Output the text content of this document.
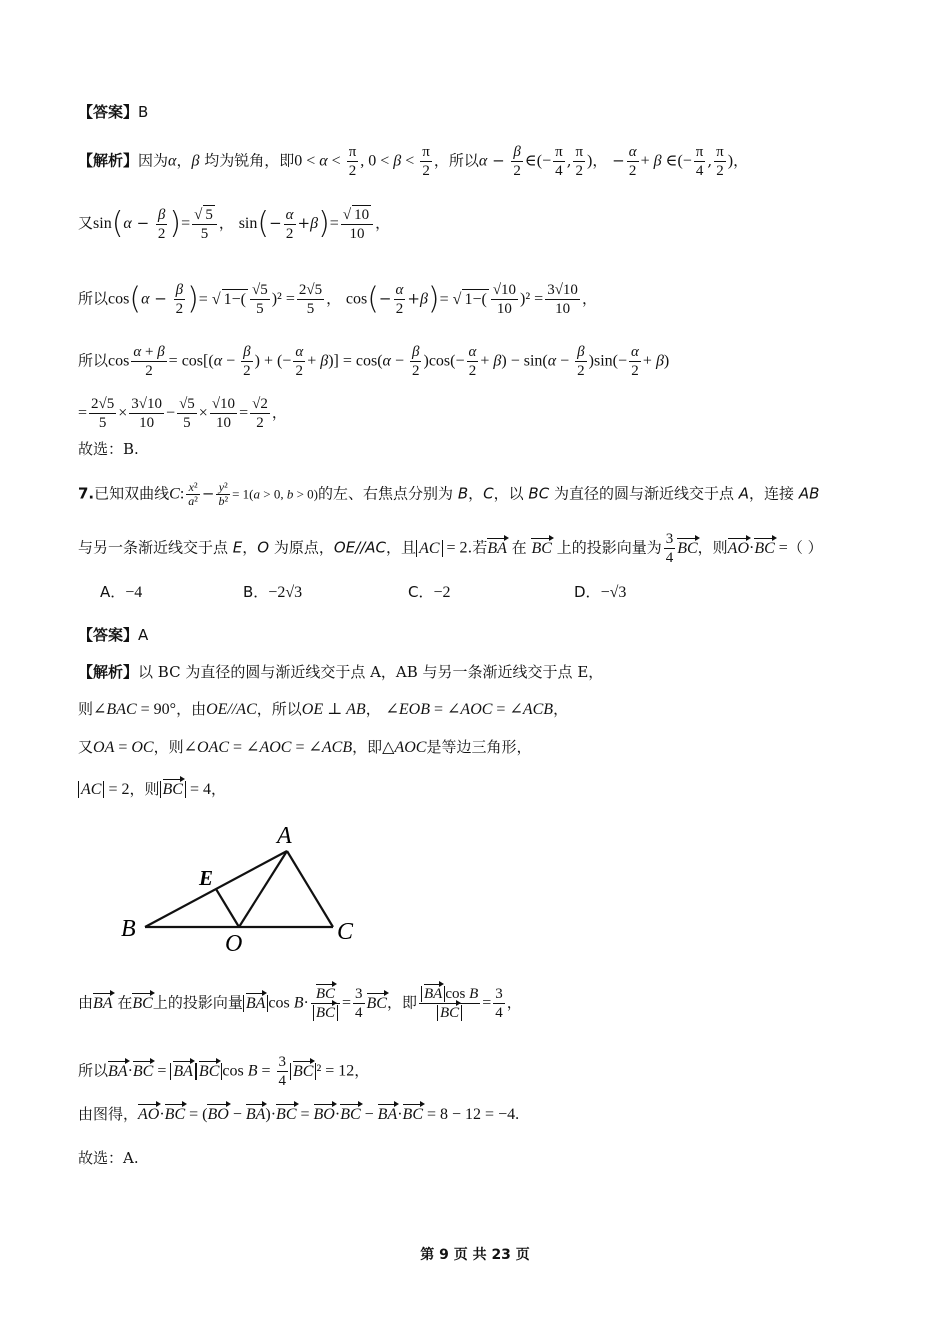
【答案】B
【解析】因为α，β 均为锐角，即$0 < \alpha < \frac{\pi}{2}$ , $0 < \beta < \frac{\pi}{2}$ ，所以$\alpha - \frac{\beta}{2}$ ∈(− $\frac{\pi}{4}$ , $\frac{\pi}{2}$ )， − $\frac{\alpha}{2} + \beta$ ∈(− $\frac{\pi}{4}$ , $\frac{\pi}{2}$ )，
又$\sin(\alpha - \frac{\beta}{2}$ )= $\frac{√ 5}{5}$ ， $\sin(- \frac{\alpha}{2} +\beta)= \frac{√ 10}{10}$ ，
所以$\cos(\alpha - \frac{\beta}{2}$ )= √ $1-( \frac{√5}{5} )^2 = \frac{2√5}{5}$ ， $\cos(- \frac{\alpha}{2} +\beta)=$ √ $1-( \frac{√10}{10} )^2 = \frac{3√10}{10}$ ，
所以$\cos \frac{\alpha + \beta}{2} = \cos[(\alpha - \frac{\beta}{2}$ ) + (− $\frac{\alpha}{2} + \beta)] = \cos(\alpha - \frac{\beta}{2} )\cos(- \frac{\alpha}{2} + \beta) - \sin(\alpha - \frac{\beta}{2} )\sin(- \frac{\alpha}{2} + \beta)$
= $\frac{2√5}{5} \times \frac{3√10}{10} - \frac{√5}{5} \times \frac{√10}{10} = \frac{√2}{2}$ ，
故选：B.
7.已知双曲线C: $\frac{\text{x²}}{\text{a²}} - \frac{\text{y²}}{\text{b²}} = 1(a > 0$, b > 0)的左、右焦点分别为 B，C，以 BC 为直径的圆与渐近线交于点 A，连接 AB
与另一条渐近线交于点 E，O 为原点，OE//AC，且 AC = 2.若BA 在 BC 上的投影向量为 $\frac{3}{4}$ BC，则AO·BC =（ ）
A．−4	B．−2√3	C．−2	D．−√3
【答案】A
【解析】以 BC 为直径的圆与渐近线交于点 A，AB 与另一条渐近线交于点 E，
则∠BAC = 90°，由OE//AC，所以OE ⊥ AB， ∠EOB = ∠AOC = ∠ACB，
又OA = OC，则∠OAC = ∠AOC = ∠ACB，即△AOC是等边三角形，
AC = 2，则 BC = 4，
A
B	C
E
O
由BA 在BC上的投影向量 BA $\cos B\cdot \frac{BC}{BC} = \frac{3}{4}$ BC，即 $\frac{\text{BA cos B}}{BC} = \frac{3}{4}$ ，
所以BA·BC = BA BC $\cos B = \frac{3}{4}$ BC ² = 12，
由图得，AO·BC = (BO − BA)·BC = BO·BC − BA·BC = 8 − 12 = −4.
故选：A.
第 9 页 共 23 页
